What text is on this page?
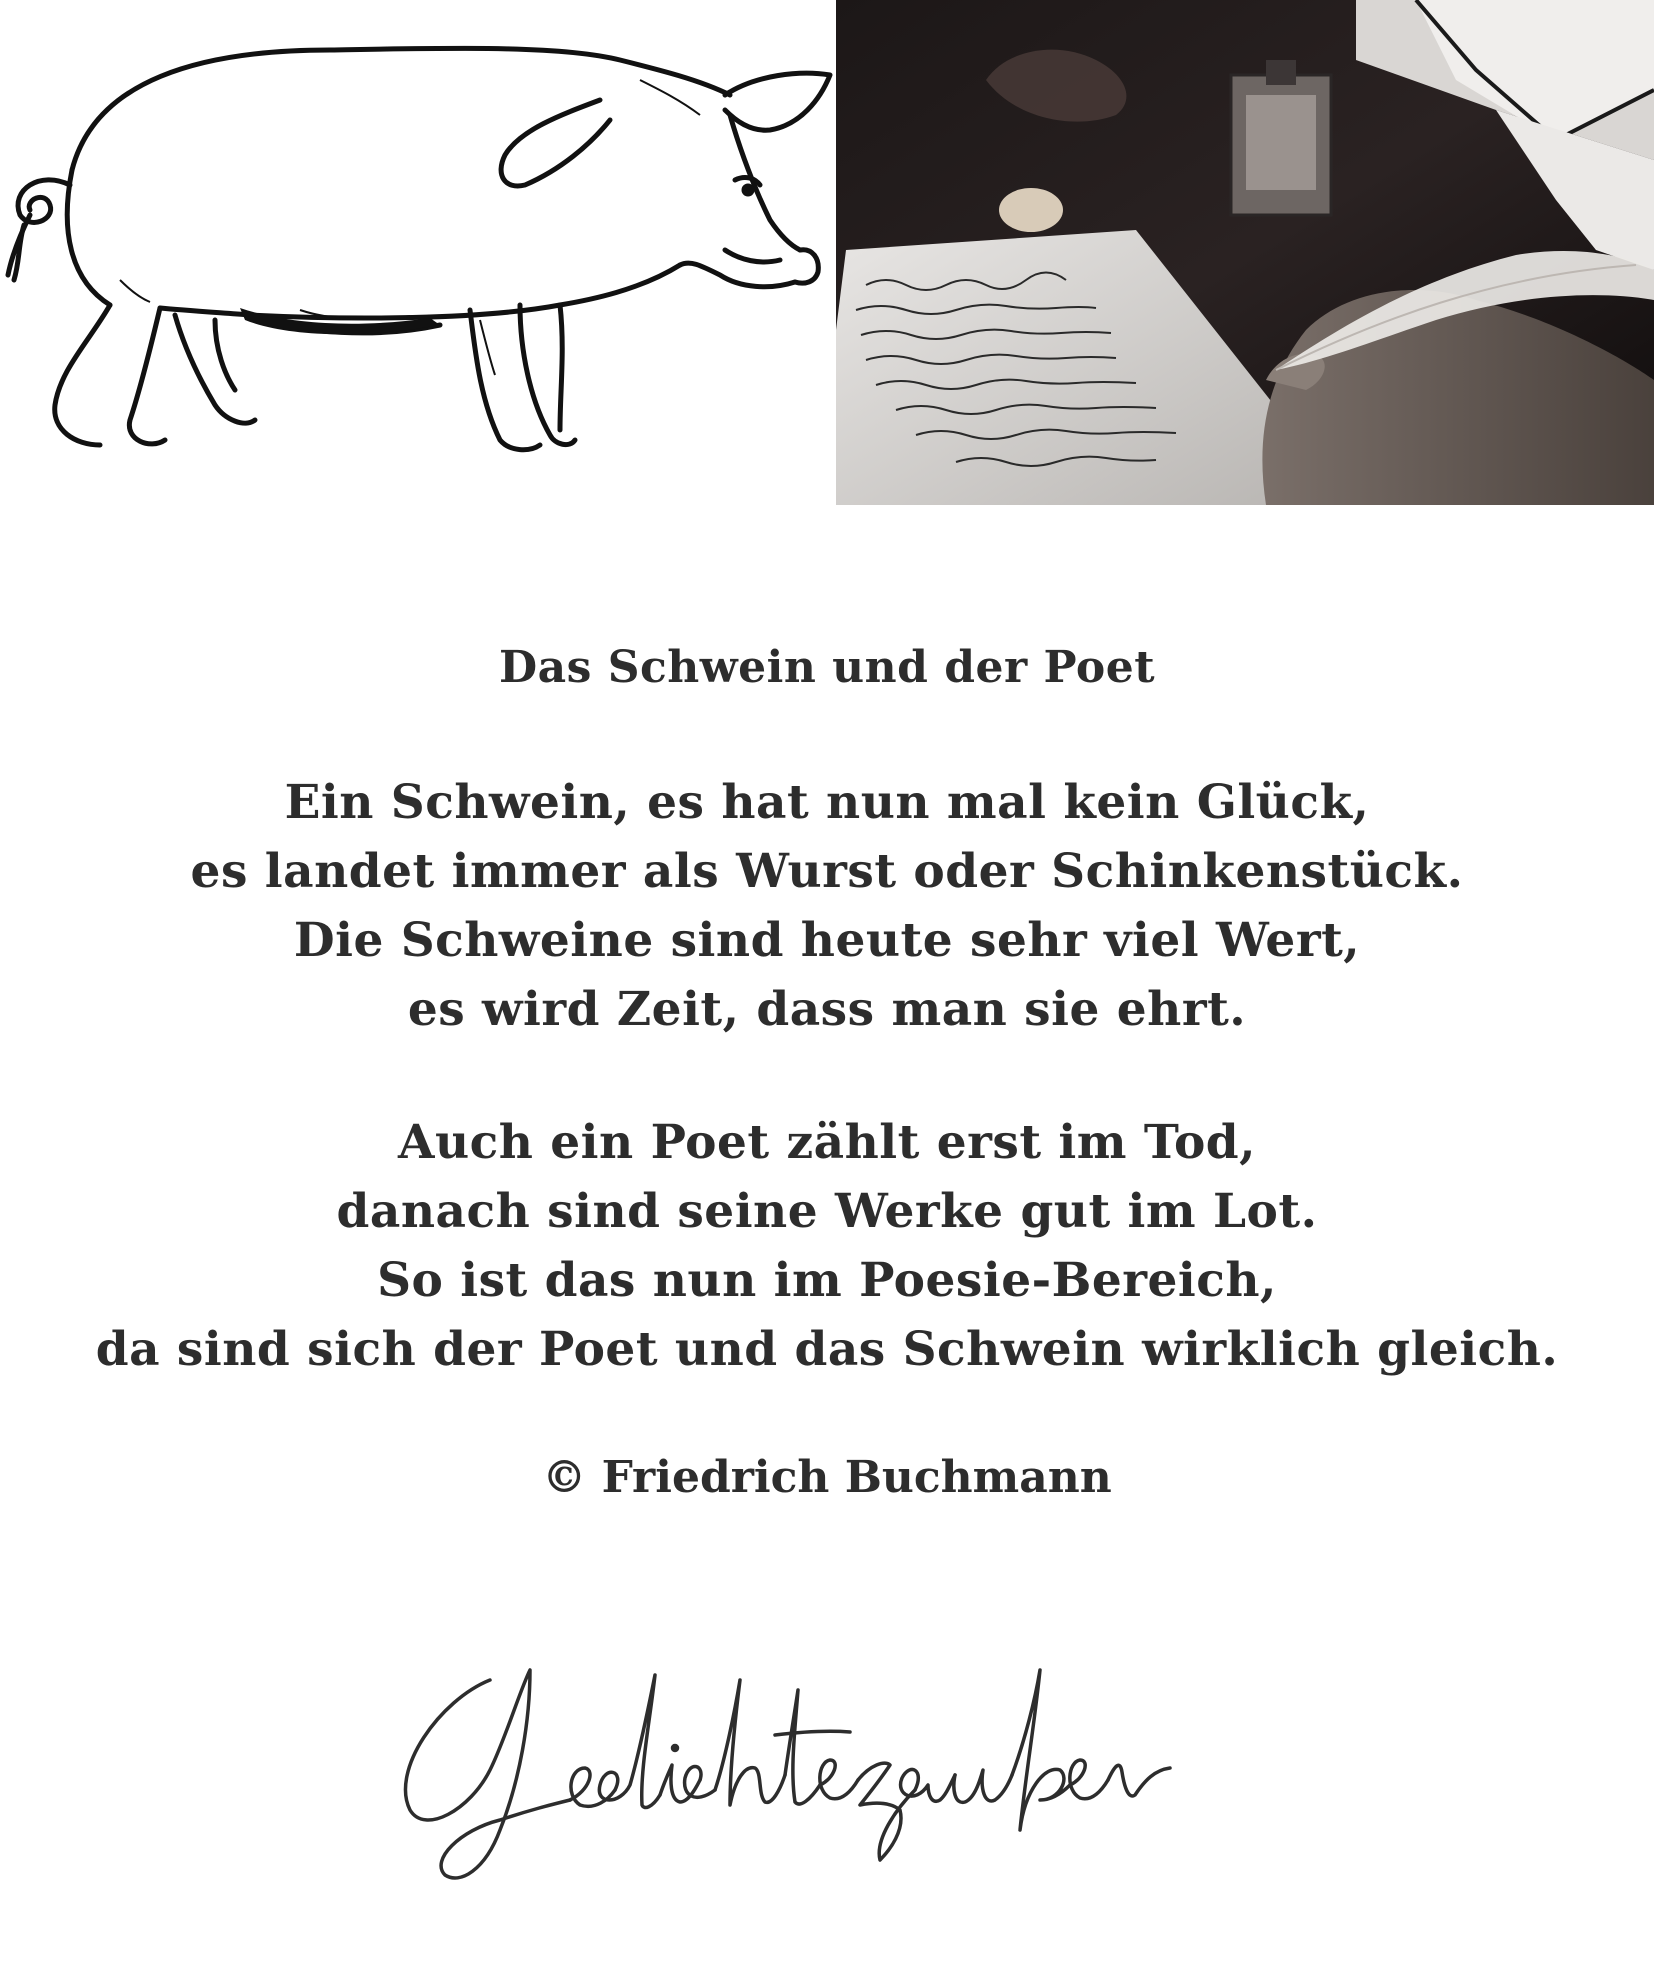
Das Schwein und der Poet
Ein Schwein, es hat nun mal kein Glück,
es landet immer als Wurst oder Schinkenstück.
Die Schweine sind heute sehr viel Wert,
es wird Zeit, dass man sie ehrt.
Auch ein Poet zählt erst im Tod,
danach sind seine Werke gut im Lot.
So ist das nun im Poesie-Bereich,
da sind sich der Poet und das Schwein wirklich gleich.
© Friedrich Buchmann
